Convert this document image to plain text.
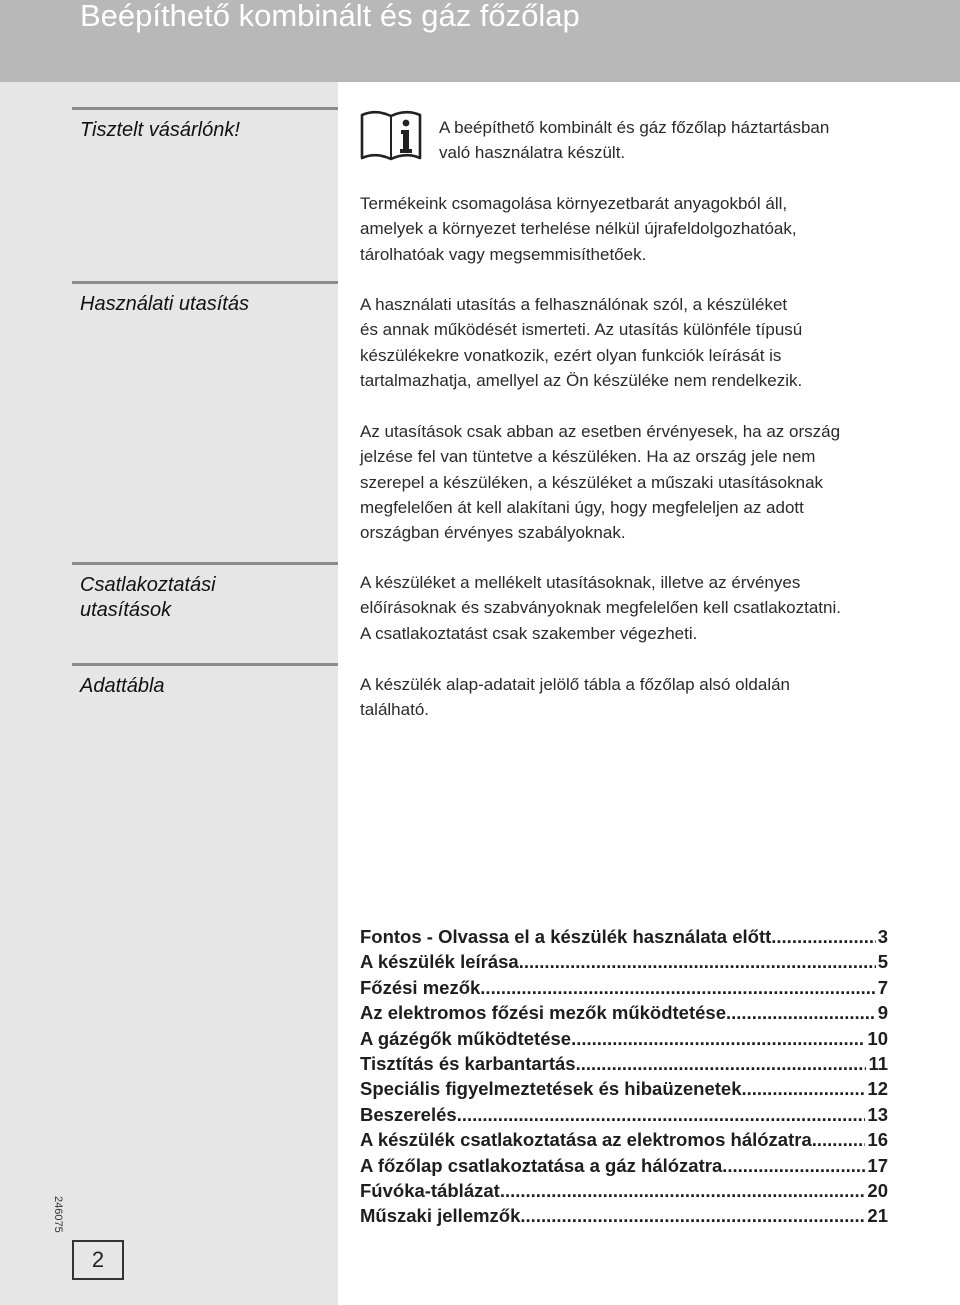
Beépíthető kombinált és gáz főzőlap
Tisztelt vásárlónk!
Használati utasítás
Csatlakoztatási
utasítások
Adattábla
246075
2

A beépíthető kombinált és gáz főzőlap háztartásban
való használatra készült.

Termékeink csomagolása környezetbarát anyagokból áll,
amelyek a környezet terhelése nélkül újrafeldolgozhatóak,
tárolhatóak vagy megsemmisíthetőek.

A használati utasítás a felhasználónak szól, a készüléket
és annak működését ismerteti. Az utasítás különféle típusú
készülékekre vonatkozik, ezért olyan funkciók leírását is
tartalmazhatja, amellyel az Ön készüléke nem rendelkezik.

Az utasítások csak abban az esetben érvényesek, ha az ország
jelzése fel van tüntetve a készüléken. Ha az ország jele nem
szerepel a készüléken, a készüléket a műszaki utasításoknak
megfelelően át kell alakítani úgy, hogy megfeleljen az adott
országban érvényes szabályoknak.

A készüléket a mellékelt utasításoknak, illetve az érvényes
előírásoknak és szabványoknak megfelelően kell csatlakoztatni.
A csatlakoztatást csak szakember végezheti.

A készülék alap-adatait jelölő tábla a főzőlap alsó oldalán
található.

Fontos - Olvassa el a készülék használata előtt .....	3
A készülék leírása .....	5
Főzési mezők .....	7
Az elektromos főzési mezők működtetése .....	9
A gázégők működtetése .....	10
Tisztítás és karbantartás .....	11
Speciális figyelmeztetések és hibaüzenetek .....	12
Beszerelés .....	13
A készülék csatlakoztatása az elektromos hálózatra .....	16
A főzőlap csatlakoztatása a gáz hálózatra .....	17
Fúvóka-táblázat .....	20
Műszaki jellemzők .....	21
